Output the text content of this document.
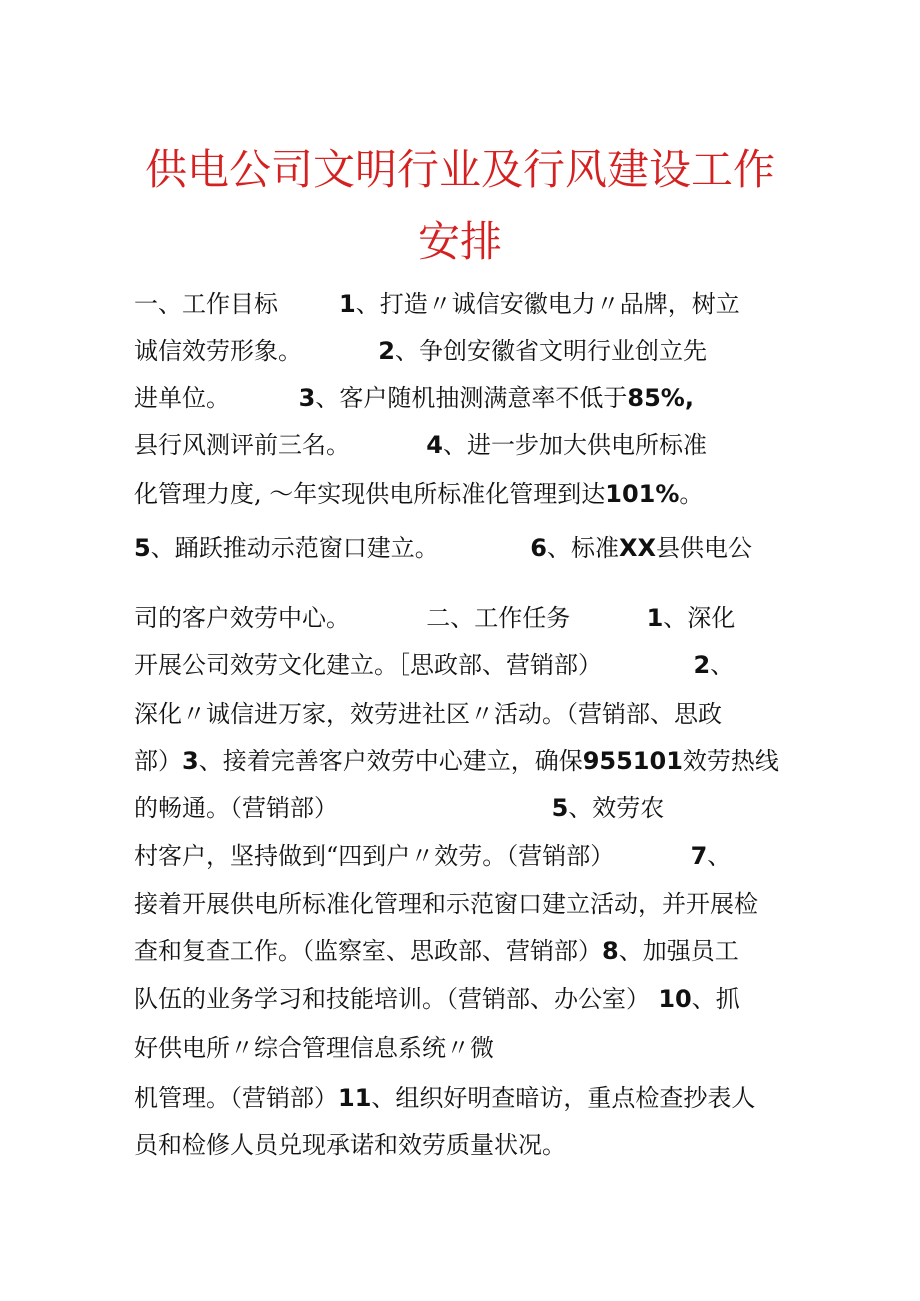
供电公司文明行业及行风建设工作
安排
一、工作目标	1、打造〃诚信安徽电力〃品牌，树立
诚信效劳形象。	2、争创安徽省文明行业创立先
进单位。	3、客户随机抽测满意率不低于85%,
县行风测评前三名。	4、进一步加大供电所标准
化管理力度, ～年实现供电所标准化管理到达101%。
5、踊跃推动示范窗口建立。	6、标准XX县供电公
司的客户效劳中心。          二、工作任务	1、深化
开展公司效劳文化建立。［思政部、营销部）	2、
深化〃诚信进万家，效劳进社区〃活动。（营销部、思政
部）3、接着完善客户效劳中心建立，确保955101效劳热线
的畅通。（营销部）	5、效劳农
村客户，坚持做到“四到户〃效劳。（营销部）	7、
接着开展供电所标准化管理和示范窗口建立活动，并开展检
查和复查工作。（监察室、思政部、营销部）8、加强员工
队伍的业务学习和技能培训。（营销部、办公室） 10、抓
好供电所〃综合管理信息系统〃微
机管理。（营销部）11、组织好明查暗访，重点检查抄表人
员和检修人员兑现承诺和效劳质量状况。
